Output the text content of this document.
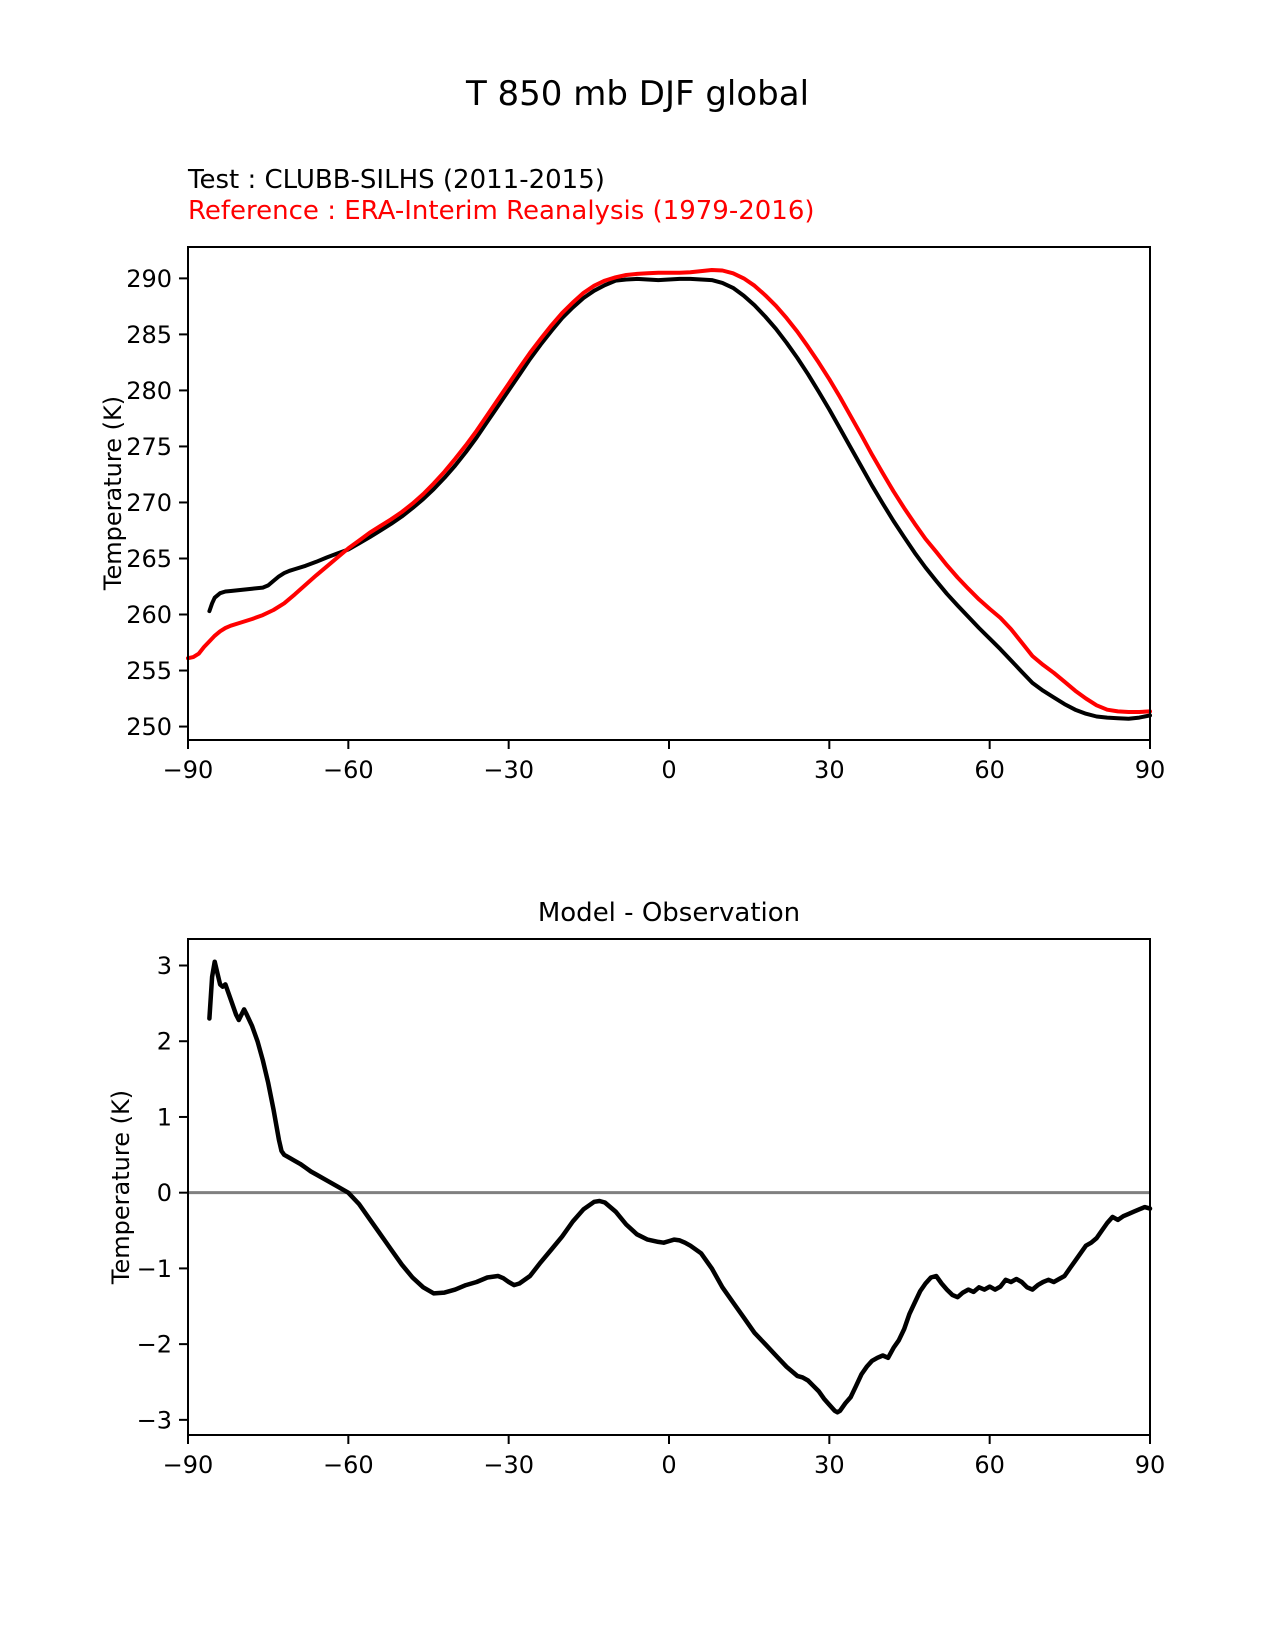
T 850 mb DJF global
Test : CLUBB-SILHS (2011-2015)
Reference : ERA-Interim Reanalysis (1979-2016)
Temperature (K)
Model - Observation
Temperature (K)
−90	−60	−30	0	30	60	90
250
255
260
265
270
275
280
285
290
−90	−60	−30	0	30	60	90
−3
−2
−1
0
1
2
3
